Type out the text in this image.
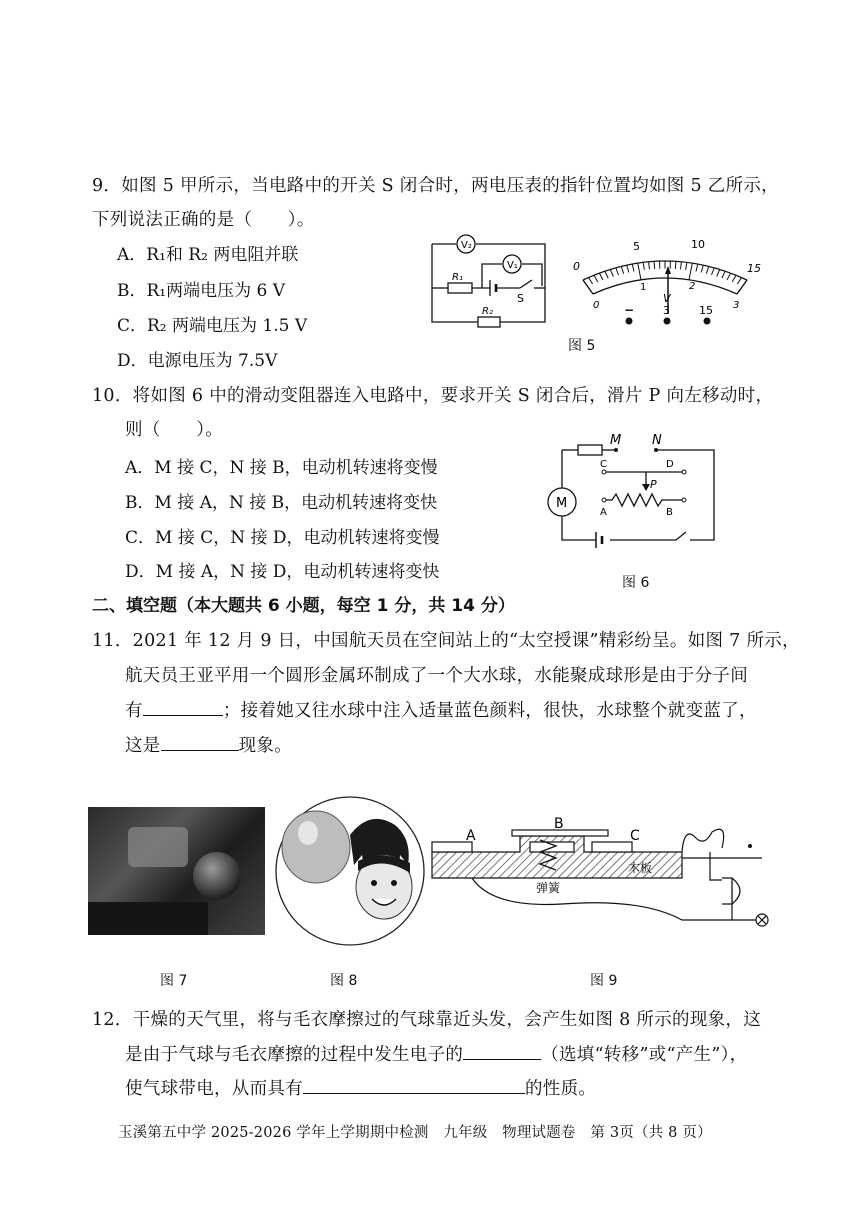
9．如图 5 甲所示，当电路中的开关 S 闭合时，两电压表的指针位置均如图 5 乙所示，
下列说法正确的是（　　）。
A．R₁和 R₂ 两电阻并联
B．R₁两端电压为 6 V
C．R₂ 两端电压为 1.5 V
D．电源电压为 7.5V
V₂
V₁
R₁
R₂
S
0
5	10
15
0
1	2
3
V
−	3	15
图 5
10．将如图 6 中的滑动变阻器连入电路中，要求开关 S 闭合后，滑片 P 向左移动时，
则（　　）。
A．M 接 C，N 接 B，电动机转速将变慢
B．M 接 A，N 接 B，电动机转速将变快
C．M 接 C，N 接 D，电动机转速将变慢
D．M 接 A，N 接 D，电动机转速将变快
M N
C	D
P
A	B
M
图 6
二、填空题（本大题共 6 小题，每空 1 分，共 14 分）
11．2021 年 12 月 9 日，中国航天员在空间站上的“太空授课”精彩纷呈。如图 7 所示，
航天员王亚平用一个圆形金属环制成了一个大水球，水能聚成球形是由于分子间
有	；接着她又往水球中注入适量蓝色颜料，很快，水球整个就变蓝了，
这是	现象。
图 7	图 8
A
B
C
木板
弹簧
图 9
12．干燥的天气里，将与毛衣摩擦过的气球靠近头发，会产生如图 8 所示的现象，这
是由于气球与毛衣摩擦的过程中发生电子的	（选填“转移”或“产生”），
使气球带电，从而具有	的性质。
玉溪第五中学 2025-2026 学年上学期期中检测　九年级　物理试题卷　第 3页（共 8 页）
